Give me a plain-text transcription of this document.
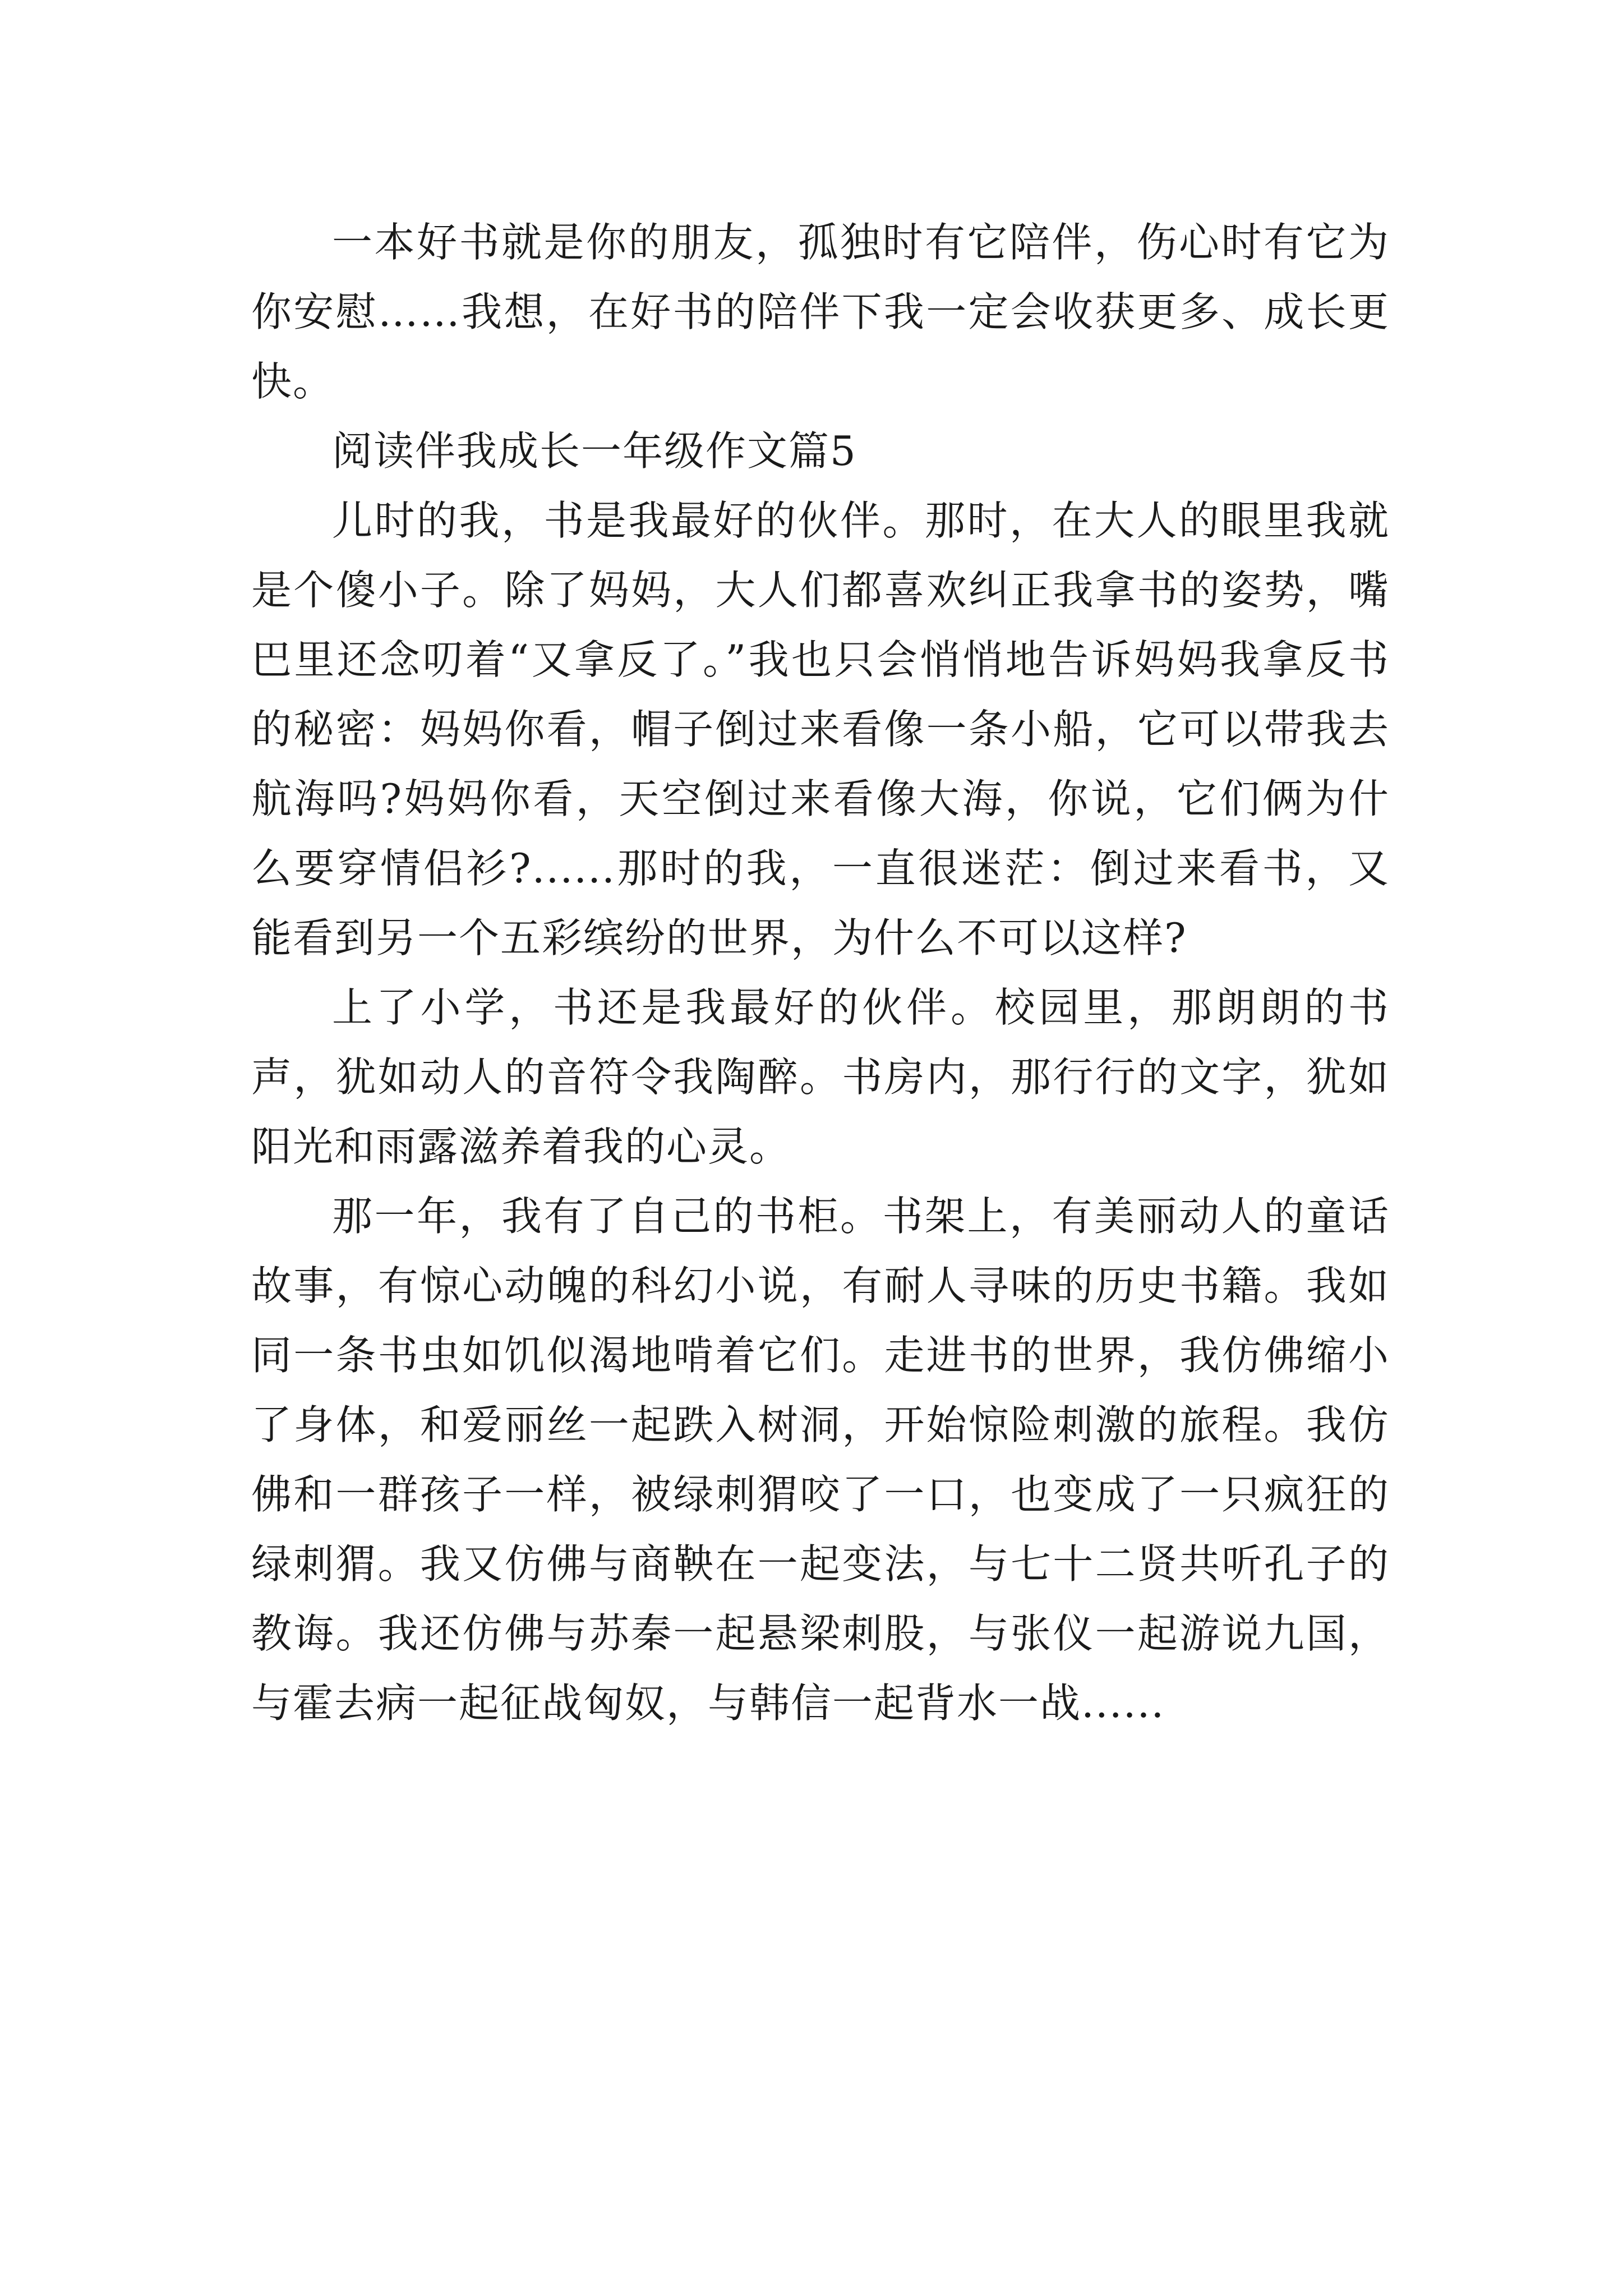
一本好书就是你的朋友，孤独时有它陪伴，伤心时有它为你安慰……我想，在好书的陪伴下我一定会收获更多、成长更快。

阅读伴我成长一年级作文篇5

儿时的我，书是我最好的伙伴。那时，在大人的眼里我就是个傻小子。除了妈妈，大人们都喜欢纠正我拿书的姿势，嘴巴里还念叨着“又拿反了。”我也只会悄悄地告诉妈妈我拿反书的秘密：妈妈你看，帽子倒过来看像一条小船，它可以带我去航海吗?妈妈你看，天空倒过来看像大海，你说，它们俩为什么要穿情侣衫?......那时的我，一直很迷茫：倒过来看书，又能看到另一个五彩缤纷的世界，为什么不可以这样?

上了小学，书还是我最好的伙伴。校园里，那朗朗的书声，犹如动人的音符令我陶醉。书房内，那行行的文字，犹如阳光和雨露滋养着我的心灵。

那一年，我有了自己的书柜。书架上，有美丽动人的童话故事，有惊心动魄的科幻小说，有耐人寻味的历史书籍。我如同一条书虫如饥似渴地啃着它们。走进书的世界，我仿佛缩小了身体，和爱丽丝一起跌入树洞，开始惊险刺激的旅程。我仿佛和一群孩子一样，被绿刺猬咬了一口，也变成了一只疯狂的绿刺猬。我又仿佛与商鞅在一起变法，与七十二贤共听孔子的教诲。我还仿佛与苏秦一起悬梁刺股，与张仪一起游说九国，与霍去病一起征战匈奴，与韩信一起背水一战......
